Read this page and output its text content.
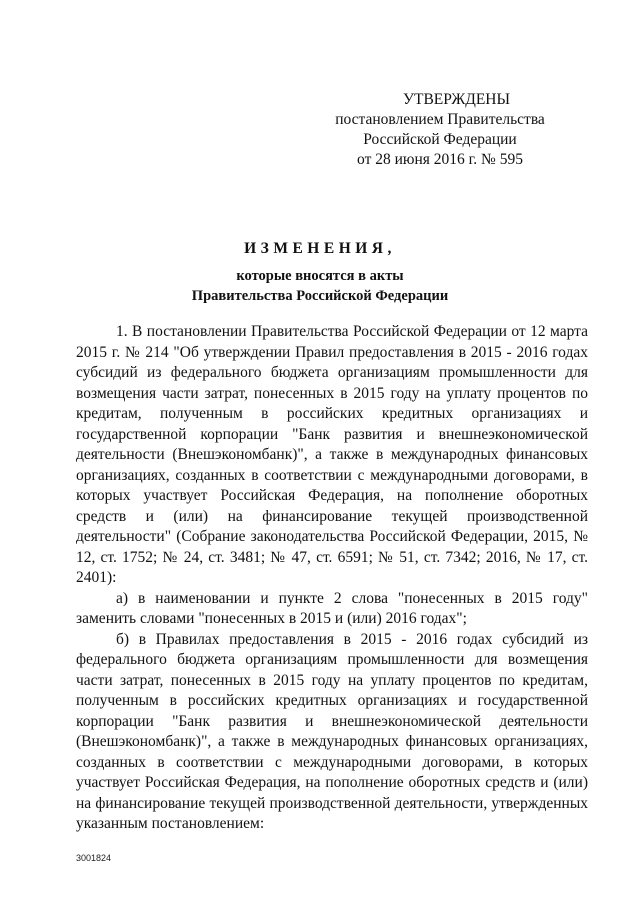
УТВЕРЖДЕНЫ
постановлением Правительства
Российской Федерации
от 28 июня 2016 г. № 595
ИЗМЕНЕНИЯ,
которые вносятся в акты
Правительства Российской Федерации

1. В постановлении Правительства Российской Федерации от 12 марта 2015 г. № 214 "Об утверждении Правил предоставления в 2015 - 2016 годах субсидий из федерального бюджета организациям промышленности для возмещения части затрат, понесенных в 2015 году на уплату процентов по кредитам, полученным в российских кредитных организациях и государственной корпорации "Банк развития и внешнеэкономической деятельности (Внешэкономбанк)", а также в международных финансовых организациях, созданных в соответствии с международными договорами, в которых участвует Российская Федерация, на пополнение оборотных средств и (или) на финансирование текущей производственной деятельности" (Собрание законодательства Российской Федерации, 2015, № 12, ст. 1752; № 24, ст. 3481; № 47, ст. 6591; № 51, ст. 7342; 2016, № 17, ст. 2401):

а) в наименовании и пункте 2 слова "понесенных в 2015 году" заменить словами "понесенных в 2015 и (или) 2016 годах";

б) в Правилах предоставления в 2015 - 2016 годах субсидий из федерального бюджета организациям промышленности для возмещения части затрат, понесенных в 2015 году на уплату процентов по кредитам, полученным в российских кредитных организациях и государственной корпорации "Банк развития и внешнеэкономической деятельности (Внешэкономбанк)", а также в международных финансовых организациях, созданных в соответствии с международными договорами, в которых участвует Российская Федерация, на пополнение оборотных средств и (или) на финансирование текущей производственной деятельности, утвержденных указанным постановлением:

3001824
